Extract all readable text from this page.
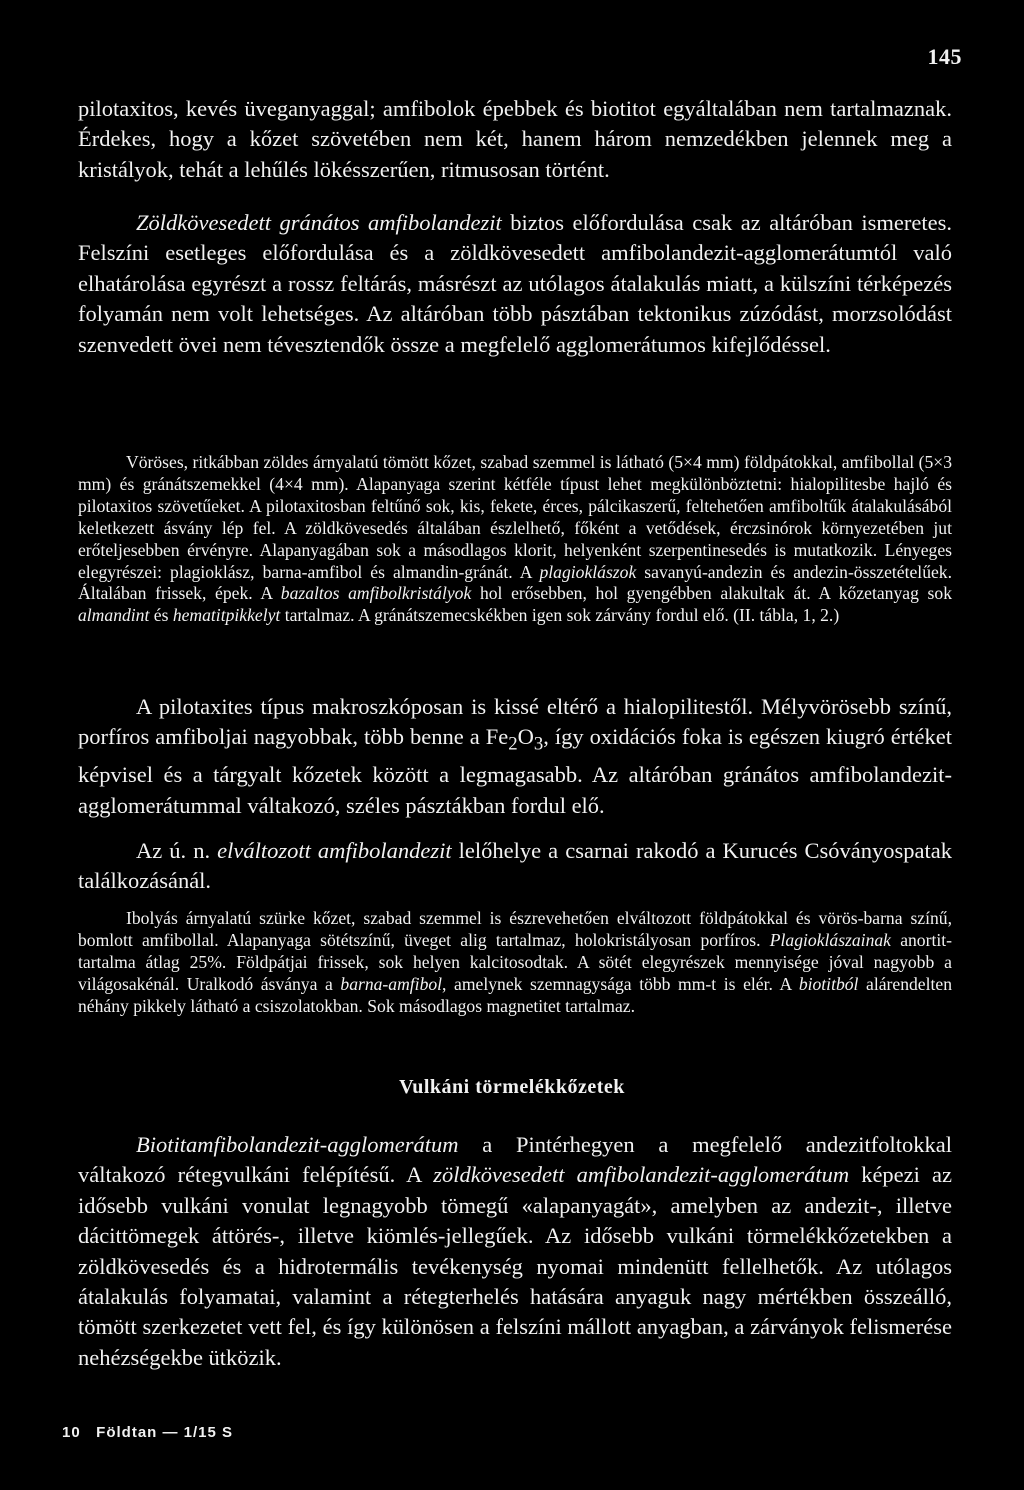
145

pilotaxitos, kevés üveganyaggal; amfibolok épebbek és biotitot egyáltalában nem tartalmaznak. Érdekes, hogy a kőzet szövetében nem két, hanem három nemzedékben jelennek meg a kristályok, tehát a lehűlés lökésszerűen, ritmusosan történt.

Zöldkövesedett gránátos amfibolandezit biztos előfordulása csak az altáróban ismeretes. Felszíni esetleges előfordulása és a zöldkövesedett amfibolandezit-agglomerátumtól való elhatárolása egyrészt a rossz feltárás, másrészt az utólagos átalakulás miatt, a külszíni térképezés folyamán nem volt lehetséges. Az altáróban több pásztában tektonikus zúzódást, morzsolódást szenvedett övei nem tévesztendők össze a megfelelő agglomerátumos kifejlődéssel.

Vöröses, ritkábban zöldes árnyalatú tömött kőzet, szabad szemmel is látható (5×4 mm) földpátokkal, amfibollal (5×3 mm) és gránátszemekkel (4×4 mm). Alapanyaga szerint kétféle típust lehet megkülönböztetni: hialopilitesbe hajló és pilotaxitos szövetűeket. A pilotaxitosban feltűnő sok, kis, fekete, érces, pálcikaszerű, feltehetően amfiboltűk átalakulásából keletkezett ásvány lép fel. A zöldkövesedés általában észlelhető, főként a vetődések, érczsinórok környezetében jut erőteljesebben érvényre. Alapanyagában sok a másodlagos klorit, helyenként szerpentinesedés is mutatkozik. Lényeges elegyrészei: plagioklász, barna-amfibol és almandin-gránát. A plagioklászok savanyú-andezin és andezin-összetételűek. Általában frissek, épek. A bazaltos amfibolkristályok hol erősebben, hol gyengébben alakultak át. A kőzetanyag sok almandint és hematitpikkelyt tartalmaz. A gránátszemecskékben igen sok zárvány fordul elő. (II. tábla, 1, 2.)

A pilotaxites típus makroszkóposan is kissé eltérő a hialopilitestől. Mélyvörösebb színű, porfíros amfiboljai nagyobbak, több benne a $Fe_2O_3$, így oxidációs foka is egészen kiugró értéket képvisel és a tárgyalt kőzetek között a legmagasabb. Az altáróban gránátos amfibolandezit-agglomerátummal váltakozó, széles pásztákban fordul elő.

Az ú. n. elváltozott amfibolandezit lelőhelye a csarnai rakodó a Kurucés Csóványospatak találkozásánál.

Ibolyás árnyalatú szürke kőzet, szabad szemmel is észrevehetően elváltozott földpátokkal és vörös-barna színű, bomlott amfibollal. Alapanyaga sötétszínű, üveget alig tartalmaz, holokristályosan porfíros. Plagioklászainak anortit-tartalma átlag 25%. Földpátjai frissek, sok helyen kalcitosodtak. A sötét elegyrészek mennyisége jóval nagyobb a világosakénál. Uralkodó ásványa a barna-amfibol, amelynek szemnagysága több mm-t is elér. A biotitból alárendelten néhány pikkely látható a csiszolatokban. Sok másodlagos magnetitet tartalmaz.

Vulkáni törmelékkőzetek

Biotitamfibolandezit-agglomerátum a Pintérhegyen a megfelelő andezitfoltokkal váltakozó rétegvulkáni felépítésű. A zöldkövesedett amfibolandezit-agglomerátum képezi az idősebb vulkáni vonulat legnagyobb tömegű «alapanyagát», amelyben az andezit-, illetve dácittömegek áttörés-, illetve kiömlés-jellegűek. Az idősebb vulkáni törmelékkőzetekben a zöldkövesedés és a hidrotermális tevékenység nyomai mindenütt fellelhetők. Az utólagos átalakulás folyamatai, valamint a rétegterhelés hatására anyaguk nagy mértékben összeálló, tömött szerkezetet vett fel, és így különösen a felszíni mállott anyagban, a zárványok felismerése nehézségekbe ütközik.

10   Földtan — 1/15 S
